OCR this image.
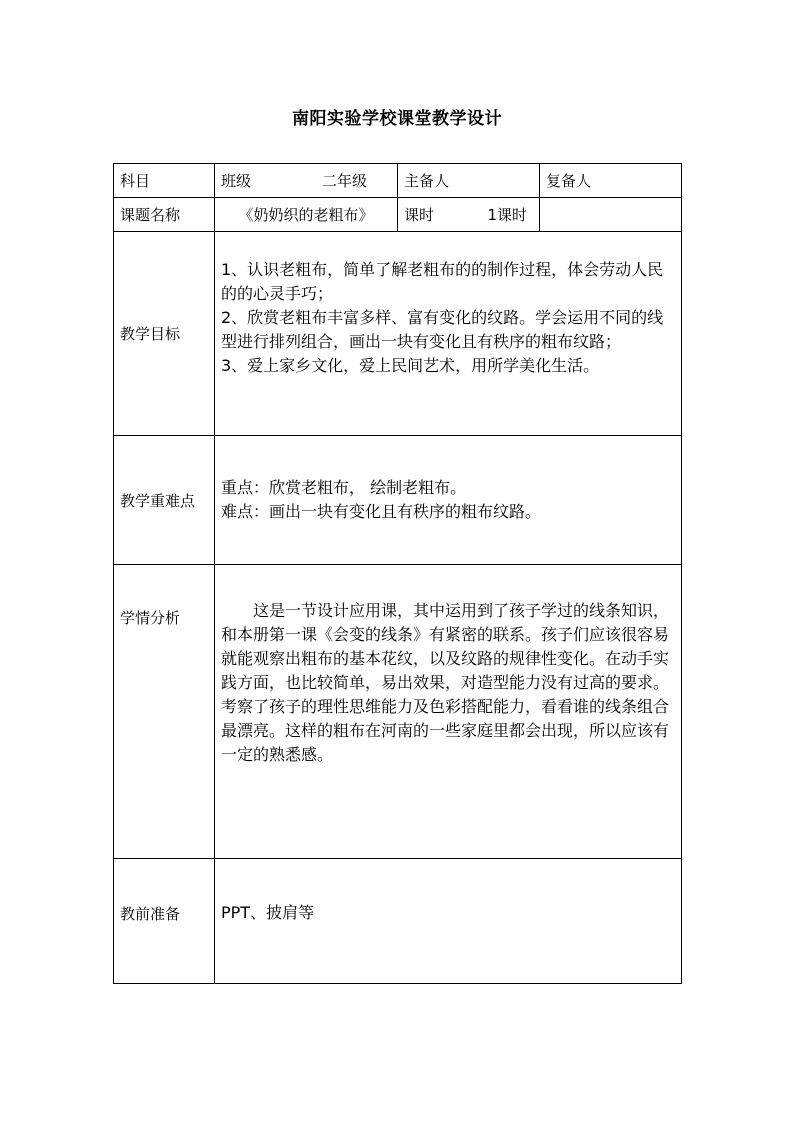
南阳实验学校课堂教学设计
科目	班级 二年级	主备人	复备人
课题名称	《奶奶织的老粗布》	课时 1课时	

教学目标	1、认识老粗布，简单了解老粗布的的制作过程，体会劳动人民的的心灵手巧；

2、欣赏老粗布丰富多样、富有变化的纹路。学会运用不同的线型进行排列组合，画出一块有变化且有秩序的粗布纹路；

3、爱上家乡文化，爱上民间艺术，用所学美化生活。		

教学重难点	重点：欣赏老粗布， 绘制老粗布。

难点：画出一块有变化且有秩序的粗布纹路。		

学情分析	这是一节设计应用课，其中运用到了孩子学过的线条知识， 和本册第一课《会变的线条》有紧密的联系。孩子们应该很容易就能观察出粗布的基本花纹，以及纹路的规律性变化。在动手实践方面，也比较简单，易出效果，对造型能力没有过高的要求。考察了孩子的理性思维能力及色彩搭配能力，看看谁的线条组合最漂亮。这样的粗布在河南的一些家庭里都会出现，所以应该有一定的熟悉感。		

教前准备	PPT、披肩等		
